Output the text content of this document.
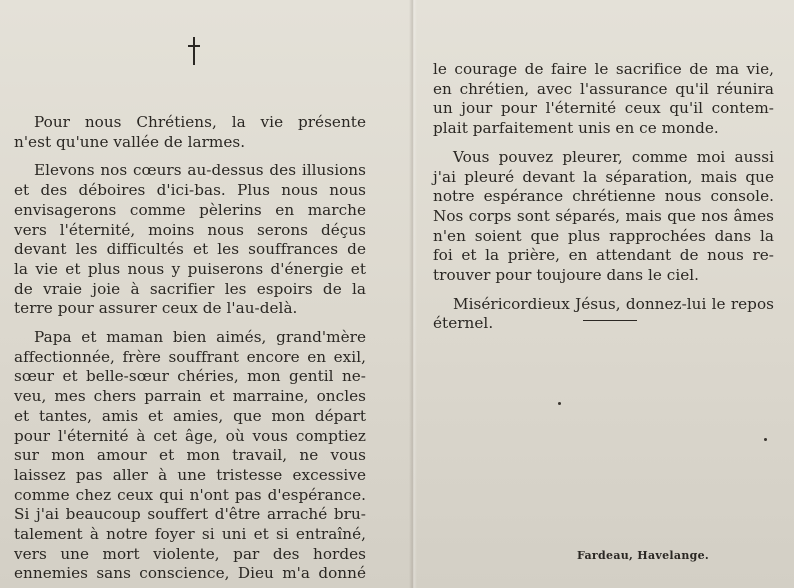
Pour nous Chrétiens, la vie présente
n'est qu'une vallée de larmes.

Elevons nos cœurs au-dessus des illusions
et des déboires d'ici-bas. Plus nous nous
envisagerons comme pèlerins en marche
vers l'éternité, moins nous serons déçus
devant les difficultés et les souffrances de
la vie et plus nous y puiserons d'énergie et
de vraie joie à sacrifier les espoirs de la
terre pour assurer ceux de l'au-delà.

Papa et maman bien aimés, grand'mère
affectionnée, frère souffrant encore en exil,
sœur et belle-sœur chéries, mon gentil ne-
veu, mes chers parrain et marraine, oncles
et tantes, amis et amies, que mon départ
pour l'éternité à cet âge, où vous comptiez
sur mon amour et mon travail, ne vous
laissez pas aller à une tristesse excessive
comme chez ceux qui n'ont pas d'espérance.
Si j'ai beaucoup souffert d'être arraché bru-
talement à notre foyer si uni et si entraîné,
vers une mort violente, par des hordes
ennemies sans conscience, Dieu m'a donné

le courage de faire le sacrifice de ma vie,
en chrétien, avec l'assurance qu'il réunira
un jour pour l'éternité ceux qu'il contem-
plait parfaitement unis en ce monde.

Vous pouvez pleurer, comme moi aussi
j'ai pleuré devant la séparation, mais que
notre espérance chrétienne nous console.
Nos corps sont séparés, mais que nos âmes
n'en soient que plus rapprochées dans la
foi et la prière, en attendant de nous re-
trouver pour toujoure dans le ciel.

Miséricordieux Jésus, donnez-lui le repos
éternel.

Fardeau, Havelange.
